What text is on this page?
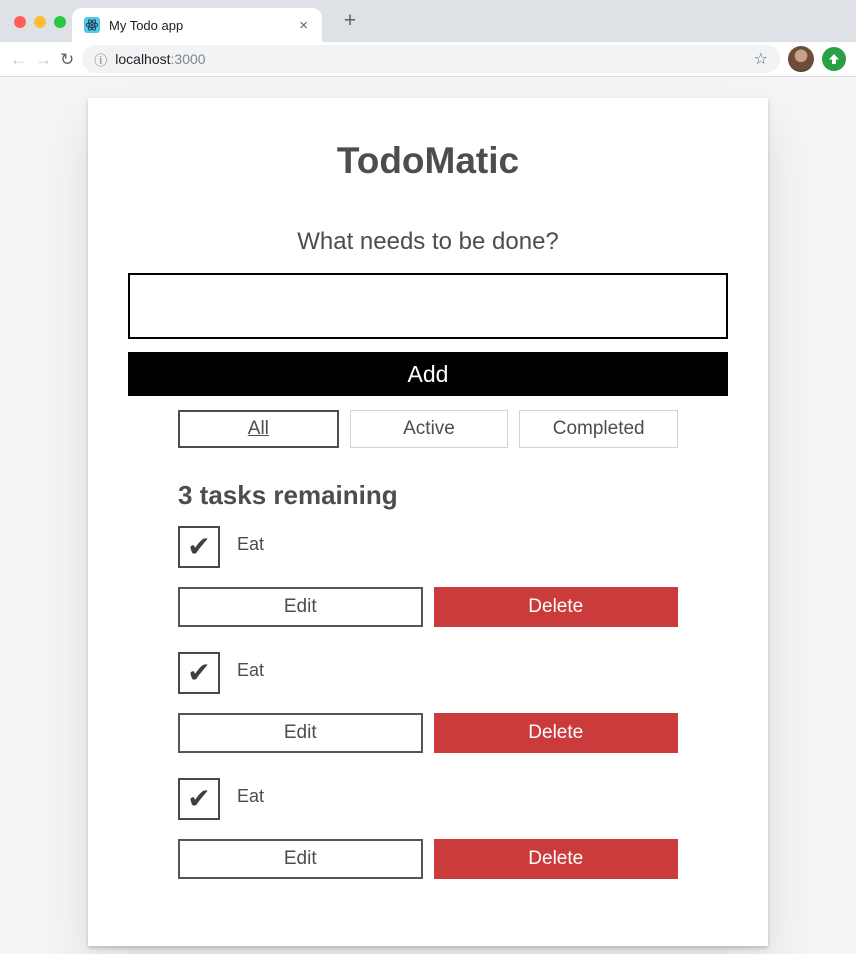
My Todo app	×	+
← → ↻ ⓘ localhost:3000	☆
TodoMatic
What needs to be done?
Add
All	Active	Completed
3 tasks remaining
✔	Eat
Edit	Delete
✔	Eat
Edit	Delete
✔	Eat
Edit	Delete
